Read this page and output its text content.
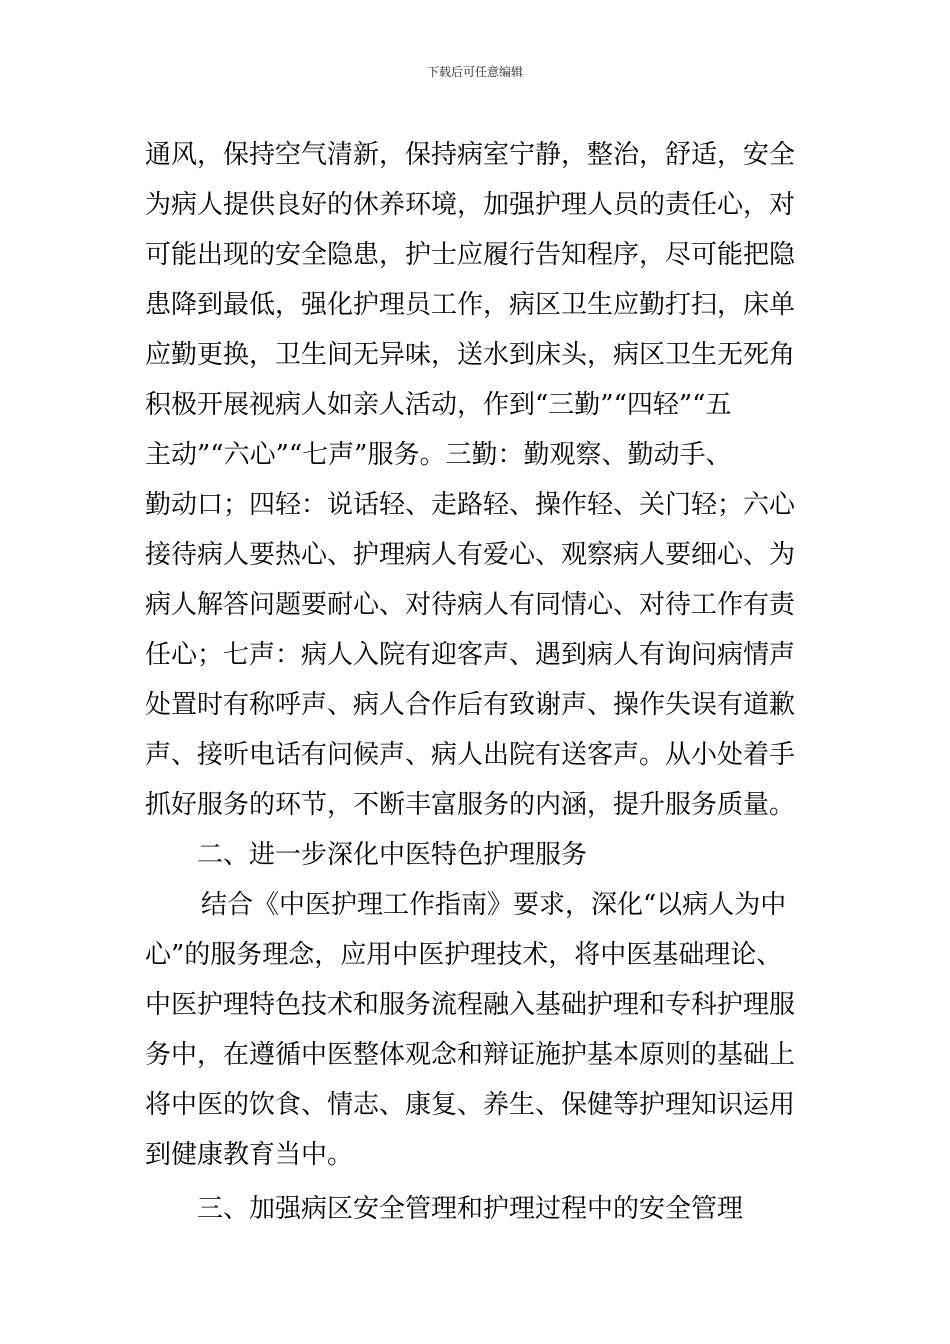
下载后可任意编辑
通风，保持空气清新，保持病室宁静，整治，舒适，安全
为病人提供良好的休养环境，加强护理人员的责任心，对
可能出现的安全隐患，护士应履行告知程序，尽可能把隐
患降到最低，强化护理员工作，病区卫生应勤打扫，床单
应勤更换，卫生间无异味，送水到床头，病区卫生无死角
积极开展视病人如亲人活动，作到“三勤”“四轻”“五
主动”“六心”“七声”服务。三勤：勤观察、勤动手、
勤动口；四轻：说话轻、走路轻、操作轻、关门轻；六心
接待病人要热心、护理病人有爱心、观察病人要细心、为
病人解答问题要耐心、对待病人有同情心、对待工作有责
任心；七声：病人入院有迎客声、遇到病人有询问病情声
处置时有称呼声、病人合作后有致谢声、操作失误有道歉
声、接听电话有问候声、病人出院有送客声。从小处着手
抓好服务的环节，不断丰富服务的内涵，提升服务质量。
二、进一步深化中医特色护理服务
结合《中医护理工作指南》要求，深化“以病人为中
心”的服务理念，应用中医护理技术，将中医基础理论、
中医护理特色技术和服务流程融入基础护理和专科护理服
务中，在遵循中医整体观念和辩证施护基本原则的基础上
将中医的饮食、情志、康复、养生、保健等护理知识运用
到健康教育当中。
三、加强病区安全管理和护理过程中的安全管理
